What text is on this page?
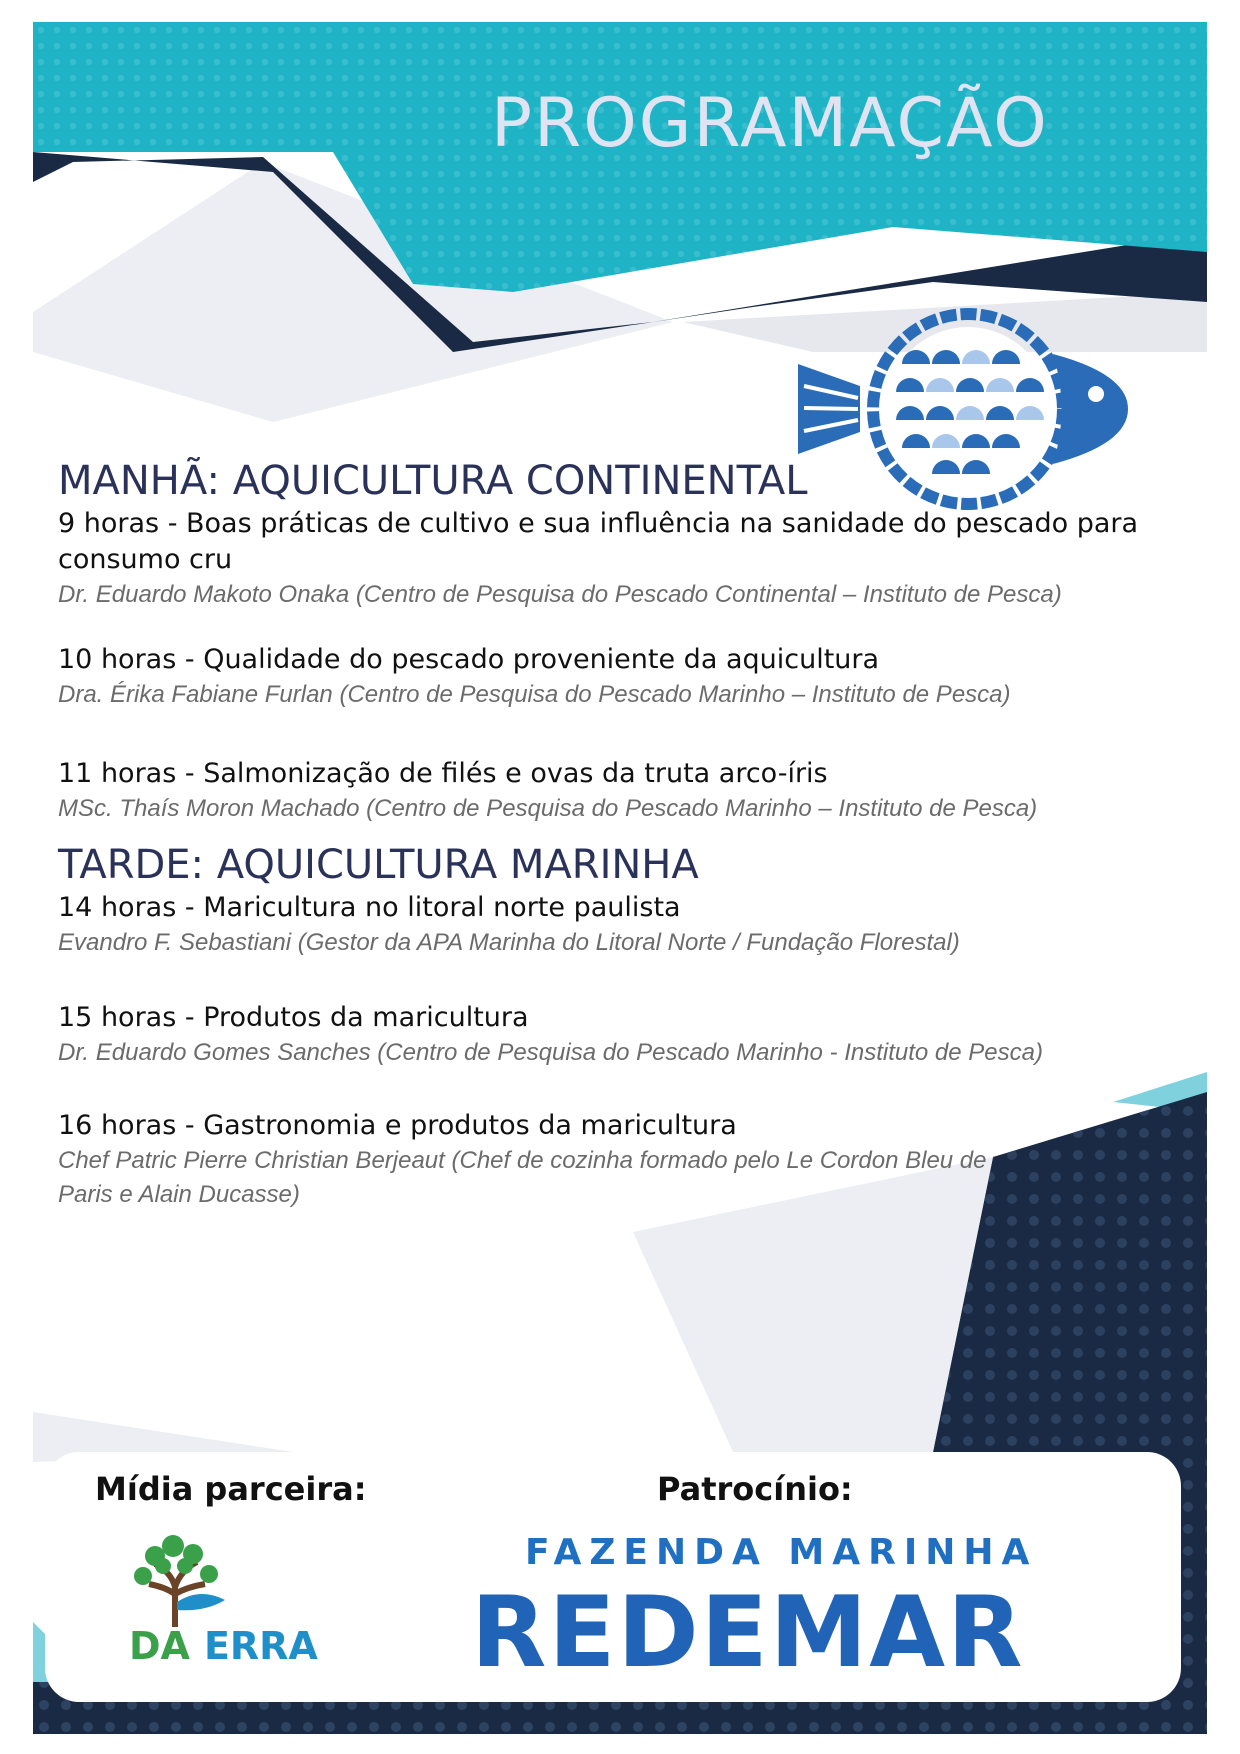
PROGRAMAÇÃO
MANHÃ: AQUICULTURA CONTINENTAL

9 horas - Boas práticas de cultivo e sua influência na sanidade do pescado para consumo cru

Dr. Eduardo Makoto Onaka (Centro de Pesquisa do Pescado Continental – Instituto de Pesca)

10 horas - Qualidade do pescado proveniente da aquicultura

Dra. Érika Fabiane Furlan (Centro de Pesquisa do Pescado Marinho – Instituto de Pesca)

11 horas - Salmonização de filés e ovas da truta arco-íris

MSc. Thaís Moron Machado (Centro de Pesquisa do Pescado Marinho – Instituto de Pesca)

TARDE: AQUICULTURA MARINHA

14 horas - Maricultura no litoral norte paulista

Evandro F. Sebastiani (Gestor da APA Marinha do Litoral Norte / Fundação Florestal)

15 horas - Produtos da maricultura

Dr. Eduardo Gomes Sanches (Centro de Pesquisa do Pescado Marinho - Instituto de Pesca)

16 horas - Gastronomia e produtos da maricultura

Chef Patric Pierre Christian Berjeaut (Chef de cozinha formado pelo Le Cordon Bleu de Paris e Alain Ducasse)

Mídia parceira:	Patrocínio:

DA ERRA

FAZENDA MARINHA

REDEMAR
